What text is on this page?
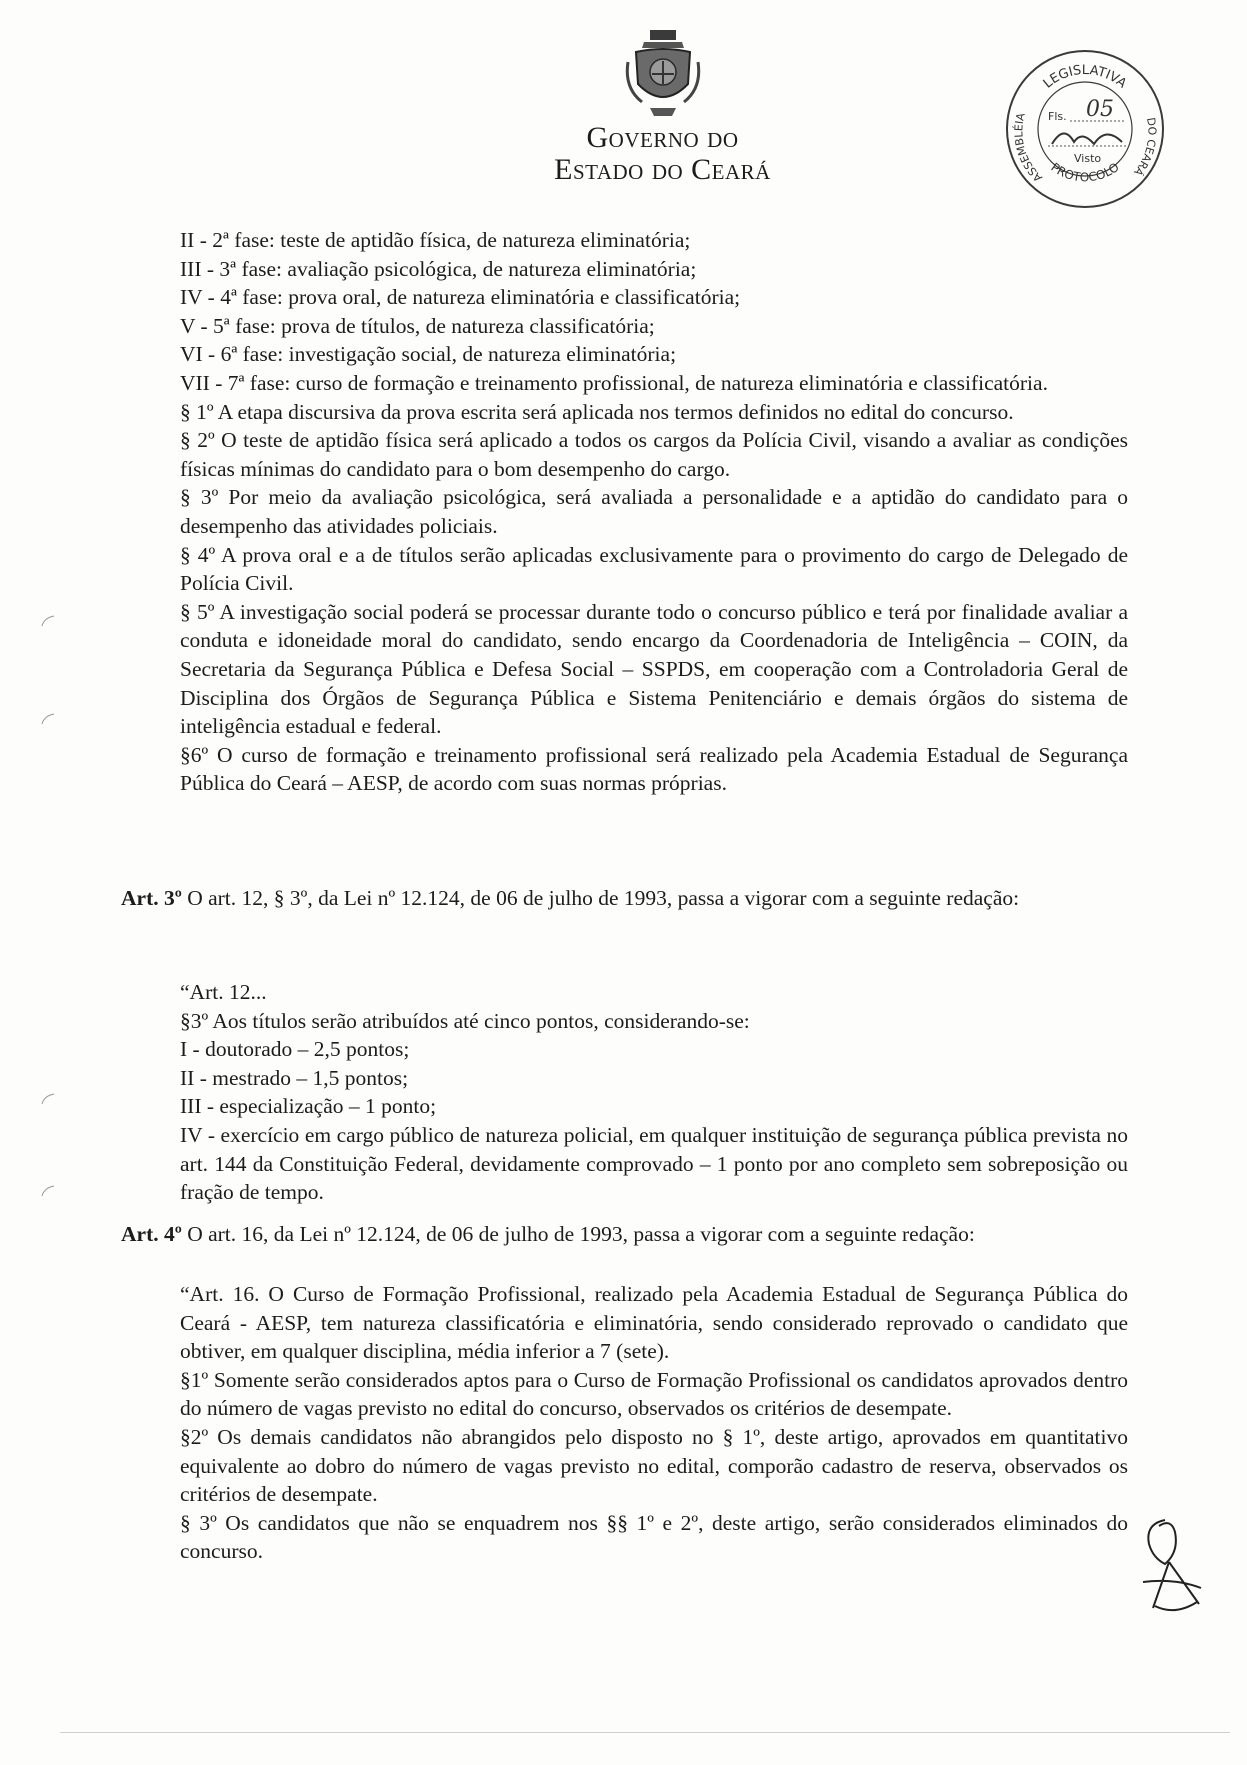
Governo do
Estado do Ceará
LEGISLATIVA
PROTOCOLO
ASSEMBLÉIA	DO CEARÁ
Fls. 05
Visto
II - 2ª fase: teste de aptidão física, de natureza eliminatória;
III - 3ª fase: avaliação psicológica, de natureza eliminatória;
IV - 4ª fase: prova oral, de natureza eliminatória e classificatória;
V - 5ª fase: prova de títulos, de natureza classificatória;
VI - 6ª fase: investigação social, de natureza eliminatória;
VII - 7ª fase: curso de formação e treinamento profissional, de natureza eliminatória e classificatória.
§ 1º A etapa discursiva da prova escrita será aplicada nos termos definidos no edital do concurso.
§ 2º O teste de aptidão física será aplicado a todos os cargos da Polícia Civil, visando a avaliar as condições físicas mínimas do candidato para o bom desempenho do cargo.
§ 3º Por meio da avaliação psicológica, será avaliada a personalidade e a aptidão do candidato para o desempenho das atividades policiais.
§ 4º A prova oral e a de títulos serão aplicadas exclusivamente para o provimento do cargo de Delegado de Polícia Civil.
§ 5º A investigação social poderá se processar durante todo o concurso público e terá por finalidade avaliar a conduta e idoneidade moral do candidato, sendo encargo da Coordenadoria de Inteligência – COIN, da Secretaria da Segurança Pública e Defesa Social – SSPDS, em cooperação com a Controladoria Geral de Disciplina dos Órgãos de Segurança Pública e Sistema Penitenciário e demais órgãos do sistema de inteligência estadual e federal.
§6º O curso de formação e treinamento profissional será realizado pela Academia Estadual de Segurança Pública do Ceará – AESP, de acordo com suas normas próprias.

Art. 3º O art. 12, § 3º, da Lei nº 12.124, de 06 de julho de 1993, passa a vigorar com a seguinte redação:

“Art. 12...
§3º Aos títulos serão atribuídos até cinco pontos, considerando-se:
I - doutorado – 2,5 pontos;
II - mestrado – 1,5 pontos;
III - especialização – 1 ponto;
IV - exercício em cargo público de natureza policial, em qualquer instituição de segurança pública prevista no art. 144 da Constituição Federal, devidamente comprovado – 1 ponto por ano completo sem sobreposição ou fração de tempo.

Art. 4º O art. 16, da Lei nº 12.124, de 06 de julho de 1993, passa a vigorar com a seguinte redação:

“Art. 16. O Curso de Formação Profissional, realizado pela Academia Estadual de Segurança Pública do Ceará - AESP, tem natureza classificatória e eliminatória, sendo considerado reprovado o candidato que obtiver, em qualquer disciplina, média inferior a 7 (sete).
§1º Somente serão considerados aptos para o Curso de Formação Profissional os candidatos aprovados dentro do número de vagas previsto no edital do concurso, observados os critérios de desempate.
§2º Os demais candidatos não abrangidos pelo disposto no § 1º, deste artigo, aprovados em quantitativo equivalente ao dobro do número de vagas previsto no edital, comporão cadastro de reserva, observados os critérios de desempate.
§ 3º Os candidatos que não se enquadrem nos §§ 1º e 2º, deste artigo, serão considerados eliminados do concurso.
